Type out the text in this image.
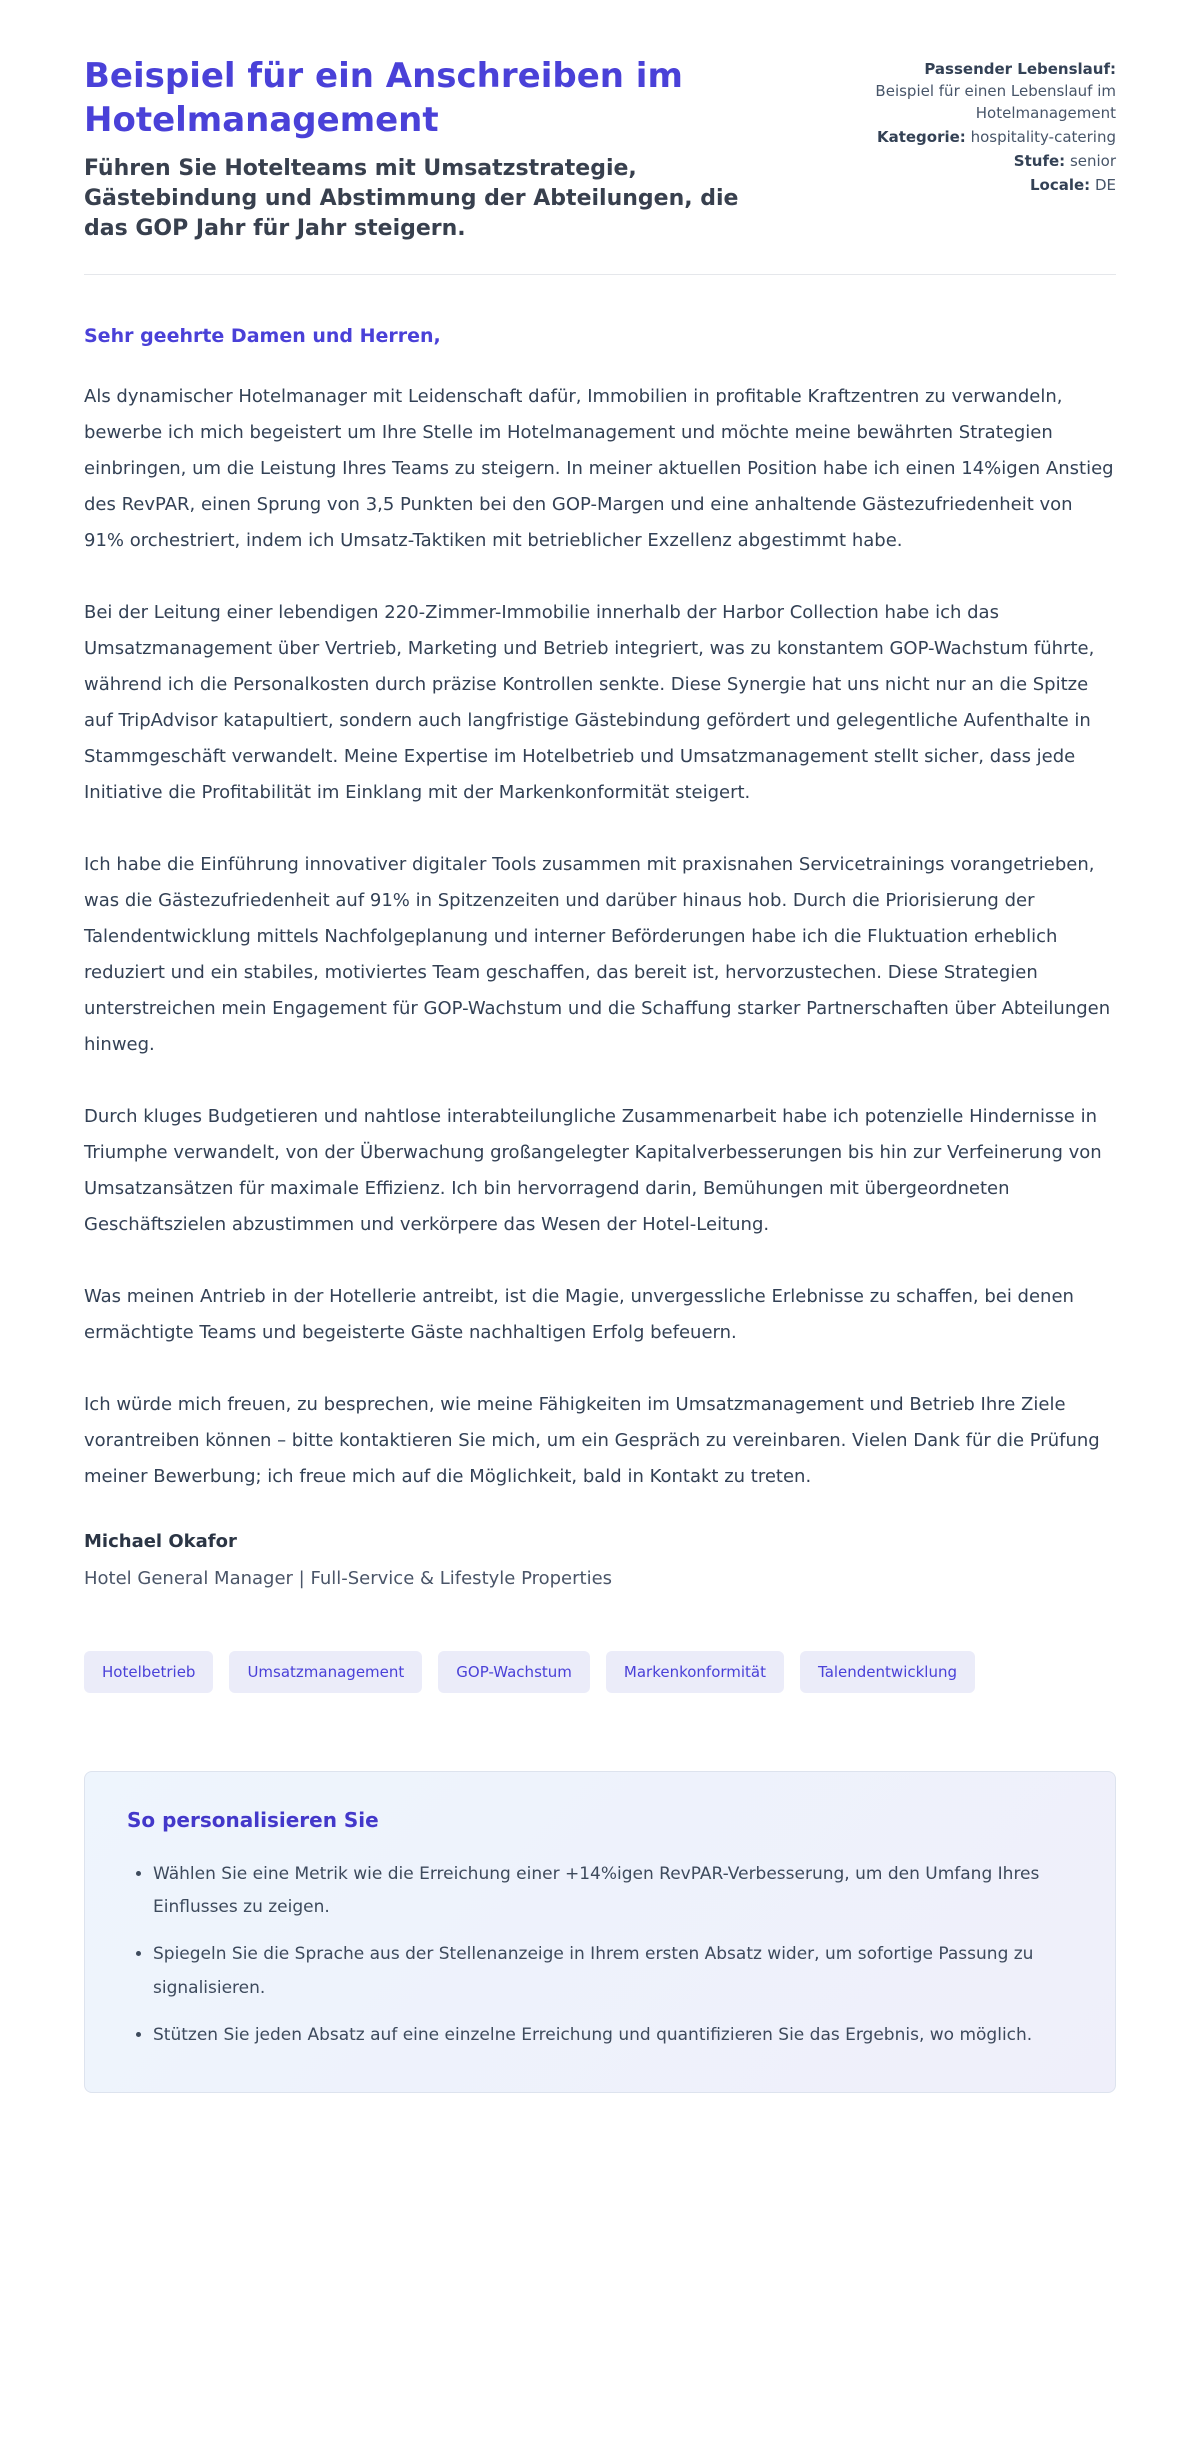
Beispiel für ein Anschreiben im Hotelmanagement
Führen Sie Hotelteams mit Umsatzstrategie, Gästebindung und Abstimmung der Abteilungen, die das GOP Jahr für Jahr steigern.
Passender Lebenslauf:
Beispiel für einen Lebenslauf im Hotelmanagement
Kategorie: hospitality-catering
Stufe: senior
Locale: DE
Sehr geehrte Damen und Herren,

Als dynamischer Hotelmanager mit Leidenschaft dafür, Immobilien in profitable Kraftzentren zu verwandeln, bewerbe ich mich begeistert um Ihre Stelle im Hotelmanagement und möchte meine bewährten Strategien einbringen, um die Leistung Ihres Teams zu steigern. In meiner aktuellen Position habe ich einen 14%igen Anstieg des RevPAR, einen Sprung von 3,5 Punkten bei den GOP-Margen und eine anhaltende Gästezufriedenheit von 91% orchestriert, indem ich Umsatz-Taktiken mit betrieblicher Exzellenz abgestimmt habe.

Bei der Leitung einer lebendigen 220-Zimmer-Immobilie innerhalb der Harbor Collection habe ich das Umsatzmanagement über Vertrieb, Marketing und Betrieb integriert, was zu konstantem GOP-Wachstum führte, während ich die Personalkosten durch präzise Kontrollen senkte. Diese Synergie hat uns nicht nur an die Spitze auf TripAdvisor katapultiert, sondern auch langfristige Gästebindung gefördert und gelegentliche Aufenthalte in Stammgeschäft verwandelt. Meine Expertise im Hotelbetrieb und Umsatzmanagement stellt sicher, dass jede Initiative die Profitabilität im Einklang mit der Markenkonformität steigert.

Ich habe die Einführung innovativer digitaler Tools zusammen mit praxisnahen Servicetrainings vorangetrieben, was die Gästezufriedenheit auf 91% in Spitzenzeiten und darüber hinaus hob. Durch die Priorisierung der Talendentwicklung mittels Nachfolgeplanung und interner Beförderungen habe ich die Fluktuation erheblich reduziert und ein stabiles, motiviertes Team geschaffen, das bereit ist, hervorzustechen. Diese Strategien unterstreichen mein Engagement für GOP-Wachstum und die Schaffung starker Partnerschaften über Abteilungen hinweg.

Durch kluges Budgetieren und nahtlose interabteilungliche Zusammenarbeit habe ich potenzielle Hindernisse in Triumphe verwandelt, von der Überwachung großangelegter Kapitalverbesserungen bis hin zur Verfeinerung von Umsatzansätzen für maximale Effizienz. Ich bin hervorragend darin, Bemühungen mit übergeordneten Geschäftszielen abzustimmen und verkörpere das Wesen der Hotel-Leitung.

Was meinen Antrieb in der Hotellerie antreibt, ist die Magie, unvergessliche Erlebnisse zu schaffen, bei denen ermächtigte Teams und begeisterte Gäste nachhaltigen Erfolg befeuern.

Ich würde mich freuen, zu besprechen, wie meine Fähigkeiten im Umsatzmanagement und Betrieb Ihre Ziele vorantreiben können – bitte kontaktieren Sie mich, um ein Gespräch zu vereinbaren. Vielen Dank für die Prüfung meiner Bewerbung; ich freue mich auf die Möglichkeit, bald in Kontakt zu treten.

Michael Okafor
Hotel General Manager | Full-Service & Lifestyle Properties
Hotelbetrieb	Umsatzmanagement	GOP-Wachstum	Markenkonformität	Talendentwicklung
So personalisieren Sie
• Wählen Sie eine Metrik wie die Erreichung einer +14%igen RevPAR-Verbesserung, um den Umfang Ihres Einflusses zu zeigen.
• Spiegeln Sie die Sprache aus der Stellenanzeige in Ihrem ersten Absatz wider, um sofortige Passung zu signalisieren.
• Stützen Sie jeden Absatz auf eine einzelne Erreichung und quantifizieren Sie das Ergebnis, wo möglich.
